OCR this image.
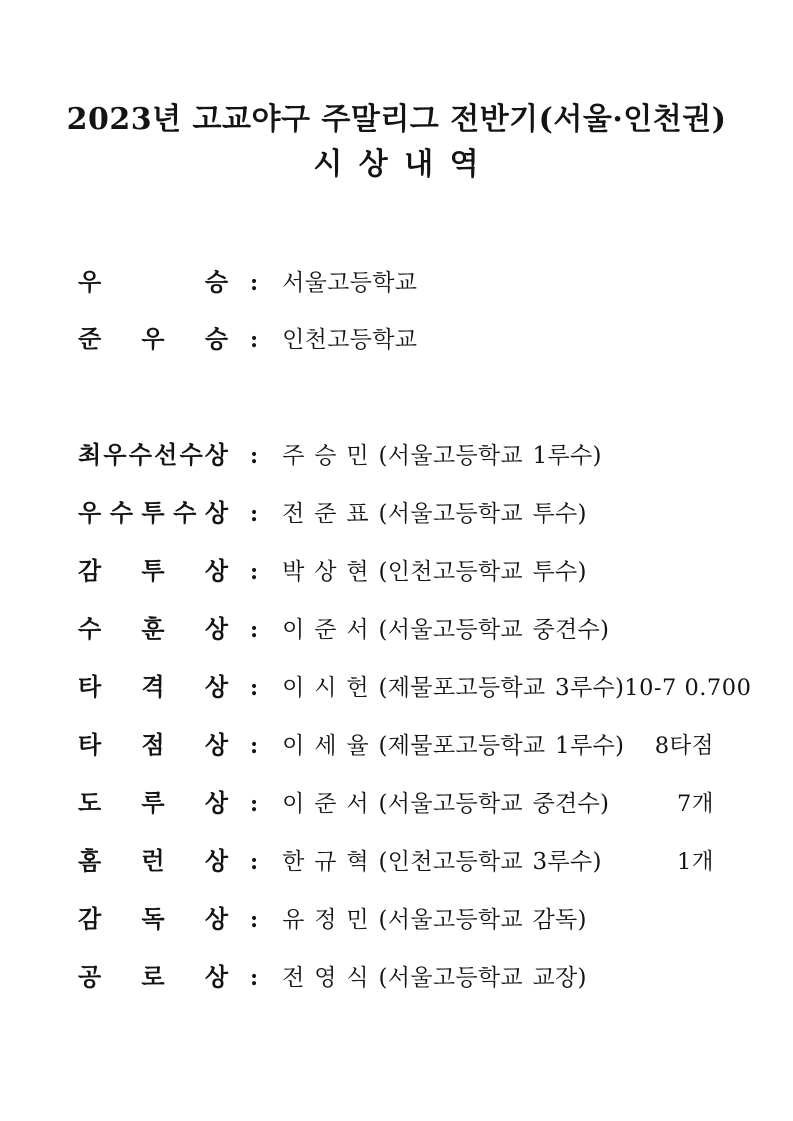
2023년 고교야구 주말리그 전반기(서울·인천권)
시 상 내 역
우	승 : 서울고등학교
준 우 승 : 인천고등학교
최 우 수 선 수 상 : 주 승 민 (서울고등학교 1루수)
우 수 투 수 상 : 전 준 표 (서울고등학교 투수)
감 투 상 : 박 상 현 (인천고등학교 투수)
수 훈 상 : 이 준 서 (서울고등학교 중견수)
타 격 상 : 이 시 헌 (제물포고등학교 3루수) 10-7 0.700
타 점 상 : 이 세 율 (제물포고등학교 1루수) 8타점
도 루 상 : 이 준 서 (서울고등학교 중견수)	7개
홈 런 상 : 한 규 혁 (인천고등학교 3루수)	1개
감 독 상 : 유 정 민 (서울고등학교 감독)
공 로 상 : 전 영 식 (서울고등학교 교장)
